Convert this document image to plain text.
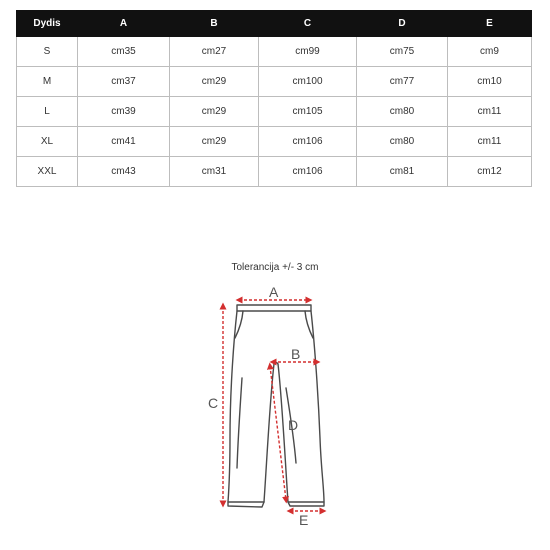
Dydis	A	B	C	D	E
S	cm35	cm27	cm99	cm75	cm9
M	cm37	cm29	cm100	cm77	cm10
L	cm39	cm29	cm105	cm80	cm11
XL	cm41	cm29	cm106	cm80	cm11
XXL	cm43	cm31	cm106	cm81	cm12
Tolerancija +/- 3 cm
A
B
C
D
E
